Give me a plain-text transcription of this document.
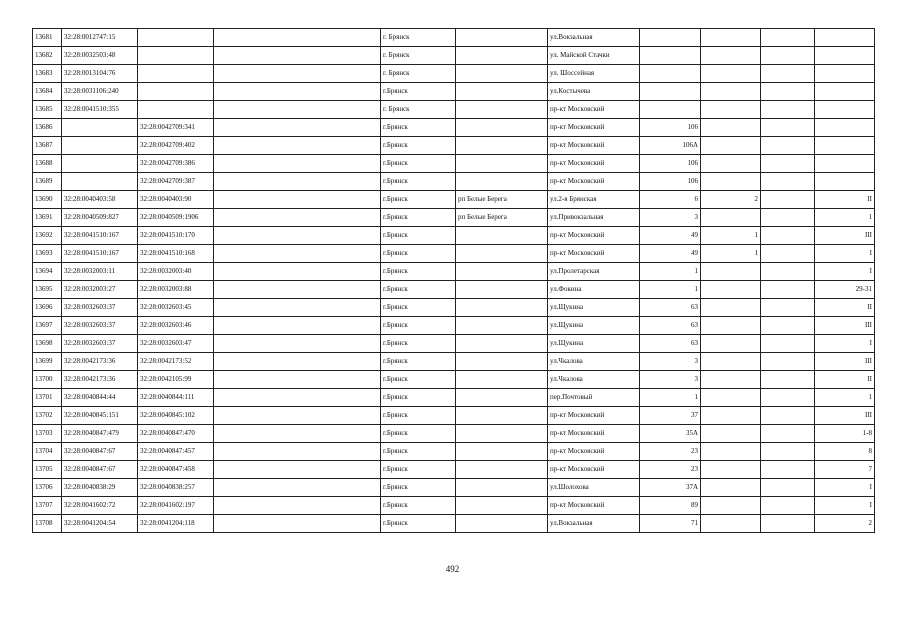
13681	32:28:0012747:15			г. Брянск		ул.Вокзальная				
13682	32:28:0032503:48			г. Брянск		ул. Майской Стачки				
13683	32:28:0013104:76			г. Брянск		ул. Шоссейная				
13684	32:28:0031106:240			г.Брянск		ул.Костычева				
13685	32:28:0041510:355			г. Брянск		пр-кт Московский				
13686		32:28:0042709:341		г.Брянск		пр-кт Московский	106			
13687		32:28:0042709:402		г.Брянск		пр-кт Московский	106А			
13688		32:28:0042709:386		г.Брянск		пр-кт Московский	106			
13689		32:28:0042709:387		г.Брянск		пр-кт Московский	106			
13690	32:28:0040403:58	32:28:0040403:90		г.Брянск	рп Белые Берега	ул.2-я Брянская	6	2		II
13691	32:28:0040509:827	32:28:0040509:1906		г.Брянск	рп Белые Берега	ул.Привокзальная	3			1
13692	32:28:0041510:167	32:28:0041510:170		г.Брянск		пр-кт Московский	49	1		III
13693	32:28:0041510:167	32:28:0041510:168		г.Брянск		пр-кт Московский	49	1		I
13694	32:28:0032003:11	32:28:0032003:40		г.Брянск		ул.Пролетарская	1			I
13695	32:28:0032003:27	32:28:0032003:88		г.Брянск		ул.Фокина	1			29-31
13696	32:28:0032603:37	32:28:0032603:45		г.Брянск		ул.Щукина	63			II
13697	32:28:0032603:37	32:28:0032603:46		г.Брянск		ул.Щукина	63			III
13698	32:28:0032603:37	32:28:0032603:47		г.Брянск		ул.Щукина	63			I
13699	32:28:0042173:36	32:28:0042173:52		г.Брянск		ул.Чкалова	3			III
13700	32:28:0042173:36	32:28:0042105:99		г.Брянск		ул.Чкалова	3			II
13701	32:28:0040844:44	32:28:0040844:111		г.Брянск		пер.Почтовый	1			1
13702	32:28:0040845:151	32:28:0040845:102		г.Брянск		пр-кт Московский	37			III
13703	32:28:0040847:479	32:28:0040847:470		г.Брянск		пр-кт Московский	35А			1-8
13704	32:28:0040847:67	32:28:0040847:457		г.Брянск		пр-кт Московский	23			8
13705	32:28:0040847:67	32:28:0040847:458		г.Брянск		пр-кт Московский	23			7
13706	32:28:0040838:29	32:28:0040838:257		г.Брянск		ул.Шолохова	37А			I
13707	32:28:0041602:72	32:28:0041602:197		г.Брянск		пр-кт Московский	89			I
13708	32:28:0041204:54	32:28:0041204:118		г.Брянск		ул.Вокзальная	71			2
492
